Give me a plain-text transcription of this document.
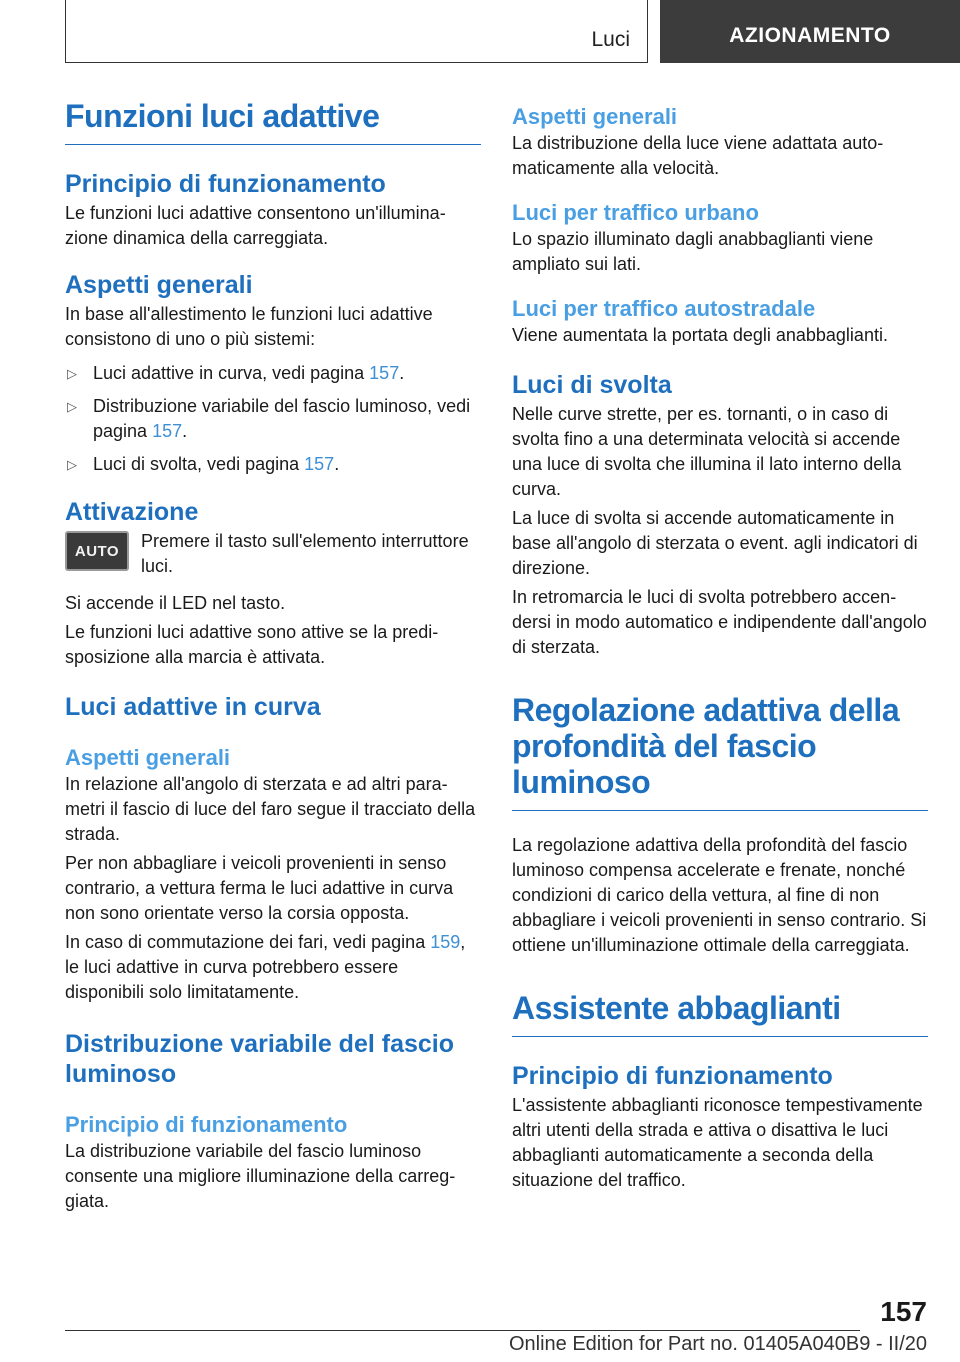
Luci	AZIONAMENTO
Funzioni luci adattive
Principio di funzionamento

Le funzioni luci adattive consentono un'illuminazione dinamica della carreggiata.

Aspetti generali

In base all'allestimento le funzioni luci adattive consistono di uno o più sistemi:

▷ Luci adattive in curva, vedi pagina 157.
▷ Distribuzione variabile del fascio luminoso, vedi pagina 157.
▷ Luci di svolta, vedi pagina 157.
Attivazione
AUTO	Premere il tasto sull'elemento interruttore luci.

Si accende il LED nel tasto.

Le funzioni luci adattive sono attive se la predisposizione alla marcia è attivata.

Luci adattive in curva
Aspetti generali

In relazione all'angolo di sterzata e ad altri parametri il fascio di luce del faro segue il tracciato della strada.

Per non abbagliare i veicoli provenienti in senso contrario, a vettura ferma le luci adattive in curva non sono orientate verso la corsia opposta.

In caso di commutazione dei fari, vedi pagina 159, le luci adattive in curva potrebbero essere disponibili solo limitatamente.

Distribuzione variabile del fascio luminoso
Principio di funzionamento

La distribuzione variabile del fascio luminoso consente una migliore illuminazione della carreggiata.

Aspetti generali

La distribuzione della luce viene adattata automaticamente alla velocità.

Luci per traffico urbano

Lo spazio illuminato dagli anabbaglianti viene ampliato sui lati.

Luci per traffico autostradale

Viene aumentata la portata degli anabbaglianti.

Luci di svolta

Nelle curve strette, per es. tornanti, o in caso di svolta fino a una determinata velocità si accende una luce di svolta che illumina il lato interno della curva.

La luce di svolta si accende automaticamente in base all'angolo di sterzata o event. agli indicatori di direzione.

In retromarcia le luci di svolta potrebbero accendersi in modo automatico e indipendente dall'angolo di sterzata.

Regolazione adattiva della profondità del fascio luminoso

La regolazione adattiva della profondità del fascio luminoso compensa accelerate e frenate, nonché condizioni di carico della vettura, al fine di non abbagliare i veicoli provenienti in senso contrario. Si ottiene un'illuminazione ottimale della carreggiata.

Assistente abbaglianti
Principio di funzionamento

L'assistente abbaglianti riconosce tempestivamente altri utenti della strada e attiva o disattiva le luci abbaglianti automaticamente a seconda della situazione del traffico.

157
Online Edition for Part no. 01405A040B9 - II/20
